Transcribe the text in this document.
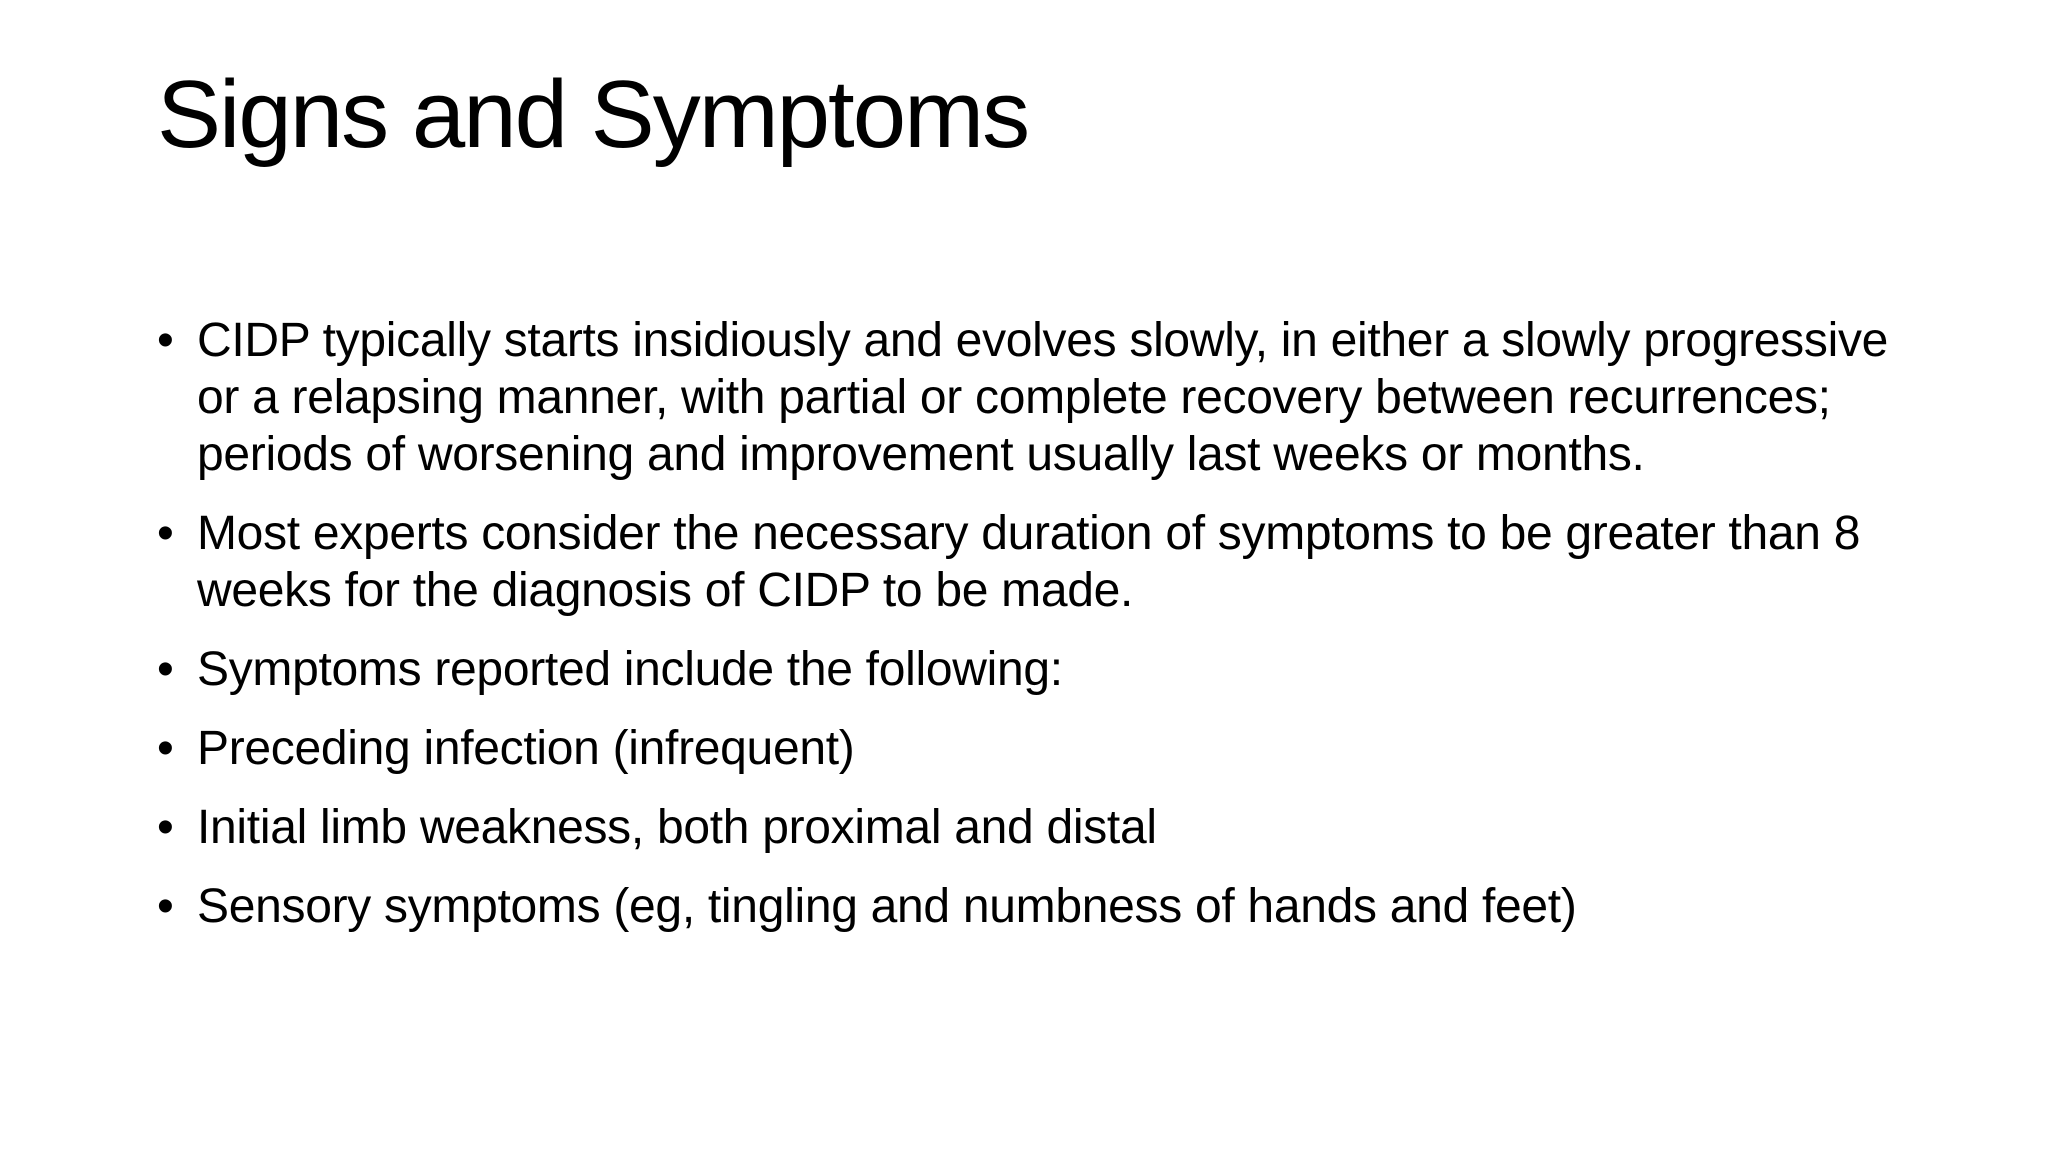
Signs and Symptoms
• CIDP typically starts insidiously and evolves slowly, in either a slowly progressive or a relapsing manner, with partial or complete recovery between recurrences; periods of worsening and improvement usually last weeks or months.
• Most experts consider the necessary duration of symptoms to be greater than 8 weeks for the diagnosis of CIDP to be made.
• Symptoms reported include the following:
• Preceding infection (infrequent)
• Initial limb weakness, both proximal and distal
• Sensory symptoms (eg, tingling and numbness of hands and feet)
